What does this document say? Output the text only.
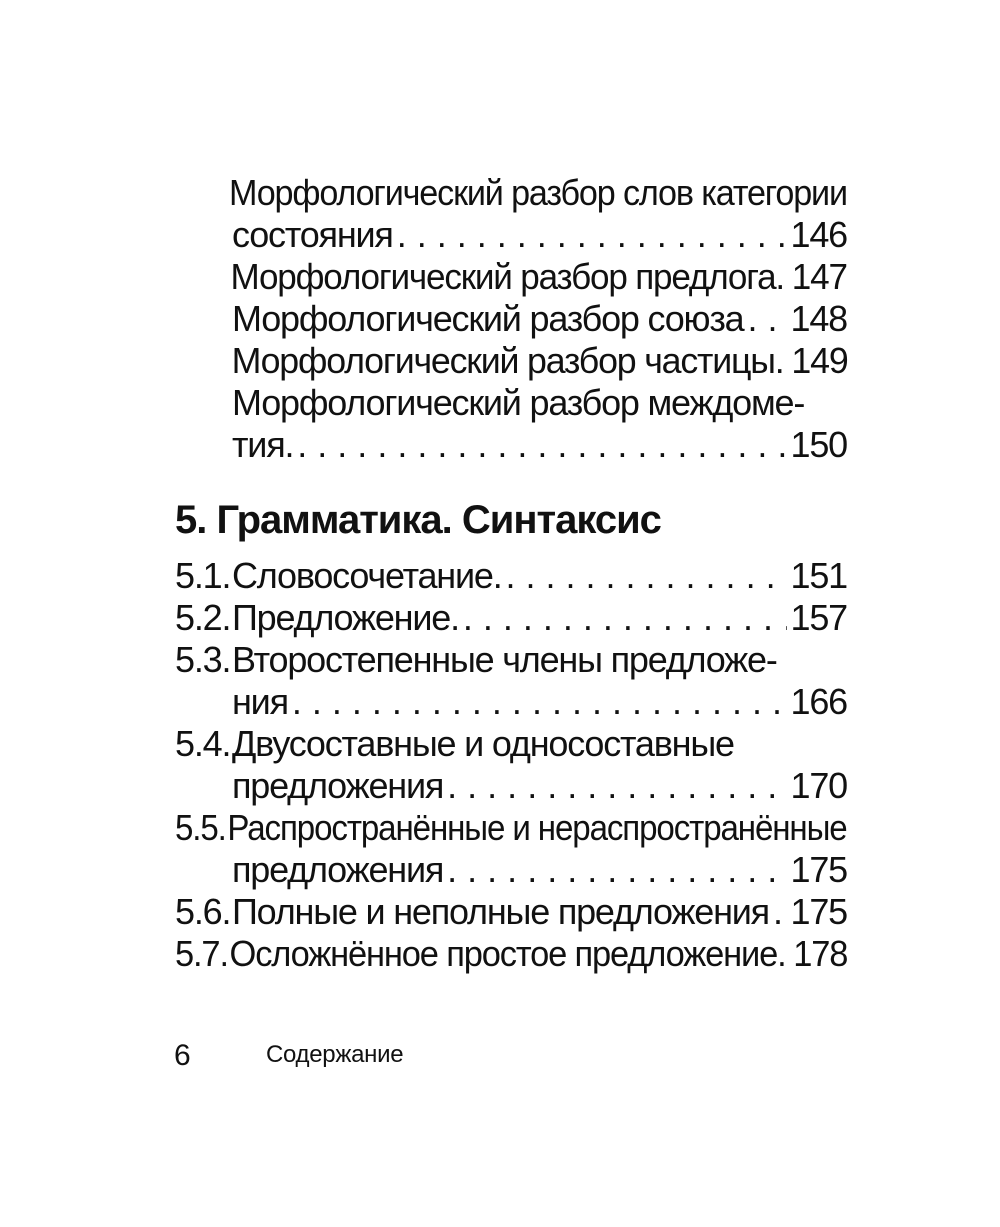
Морфологический разбор слов категории
состояния . . .	146
Морфологический разбор предлога. 147
Морфологический разбор союза . . . 148
Морфологический разбор частицы. 149
Морфологический разбор междоме-
тия. . . .	150
5. Грамматика. Синтаксис
5.1. Словосочетание. . . .	151
5.2. Предложение. . . .	157
5.3. Второстепенные члены предложе-
ния . . .	166
5.4. Двусоставные и односоставные
предложения . . .	170
5.5. Распространённые и нераспространённые
предложения . . .	175
5.6. Полные и неполные предложения . . . 175
5.7. Осложнённое простое предложение. 178
6	Содержание
